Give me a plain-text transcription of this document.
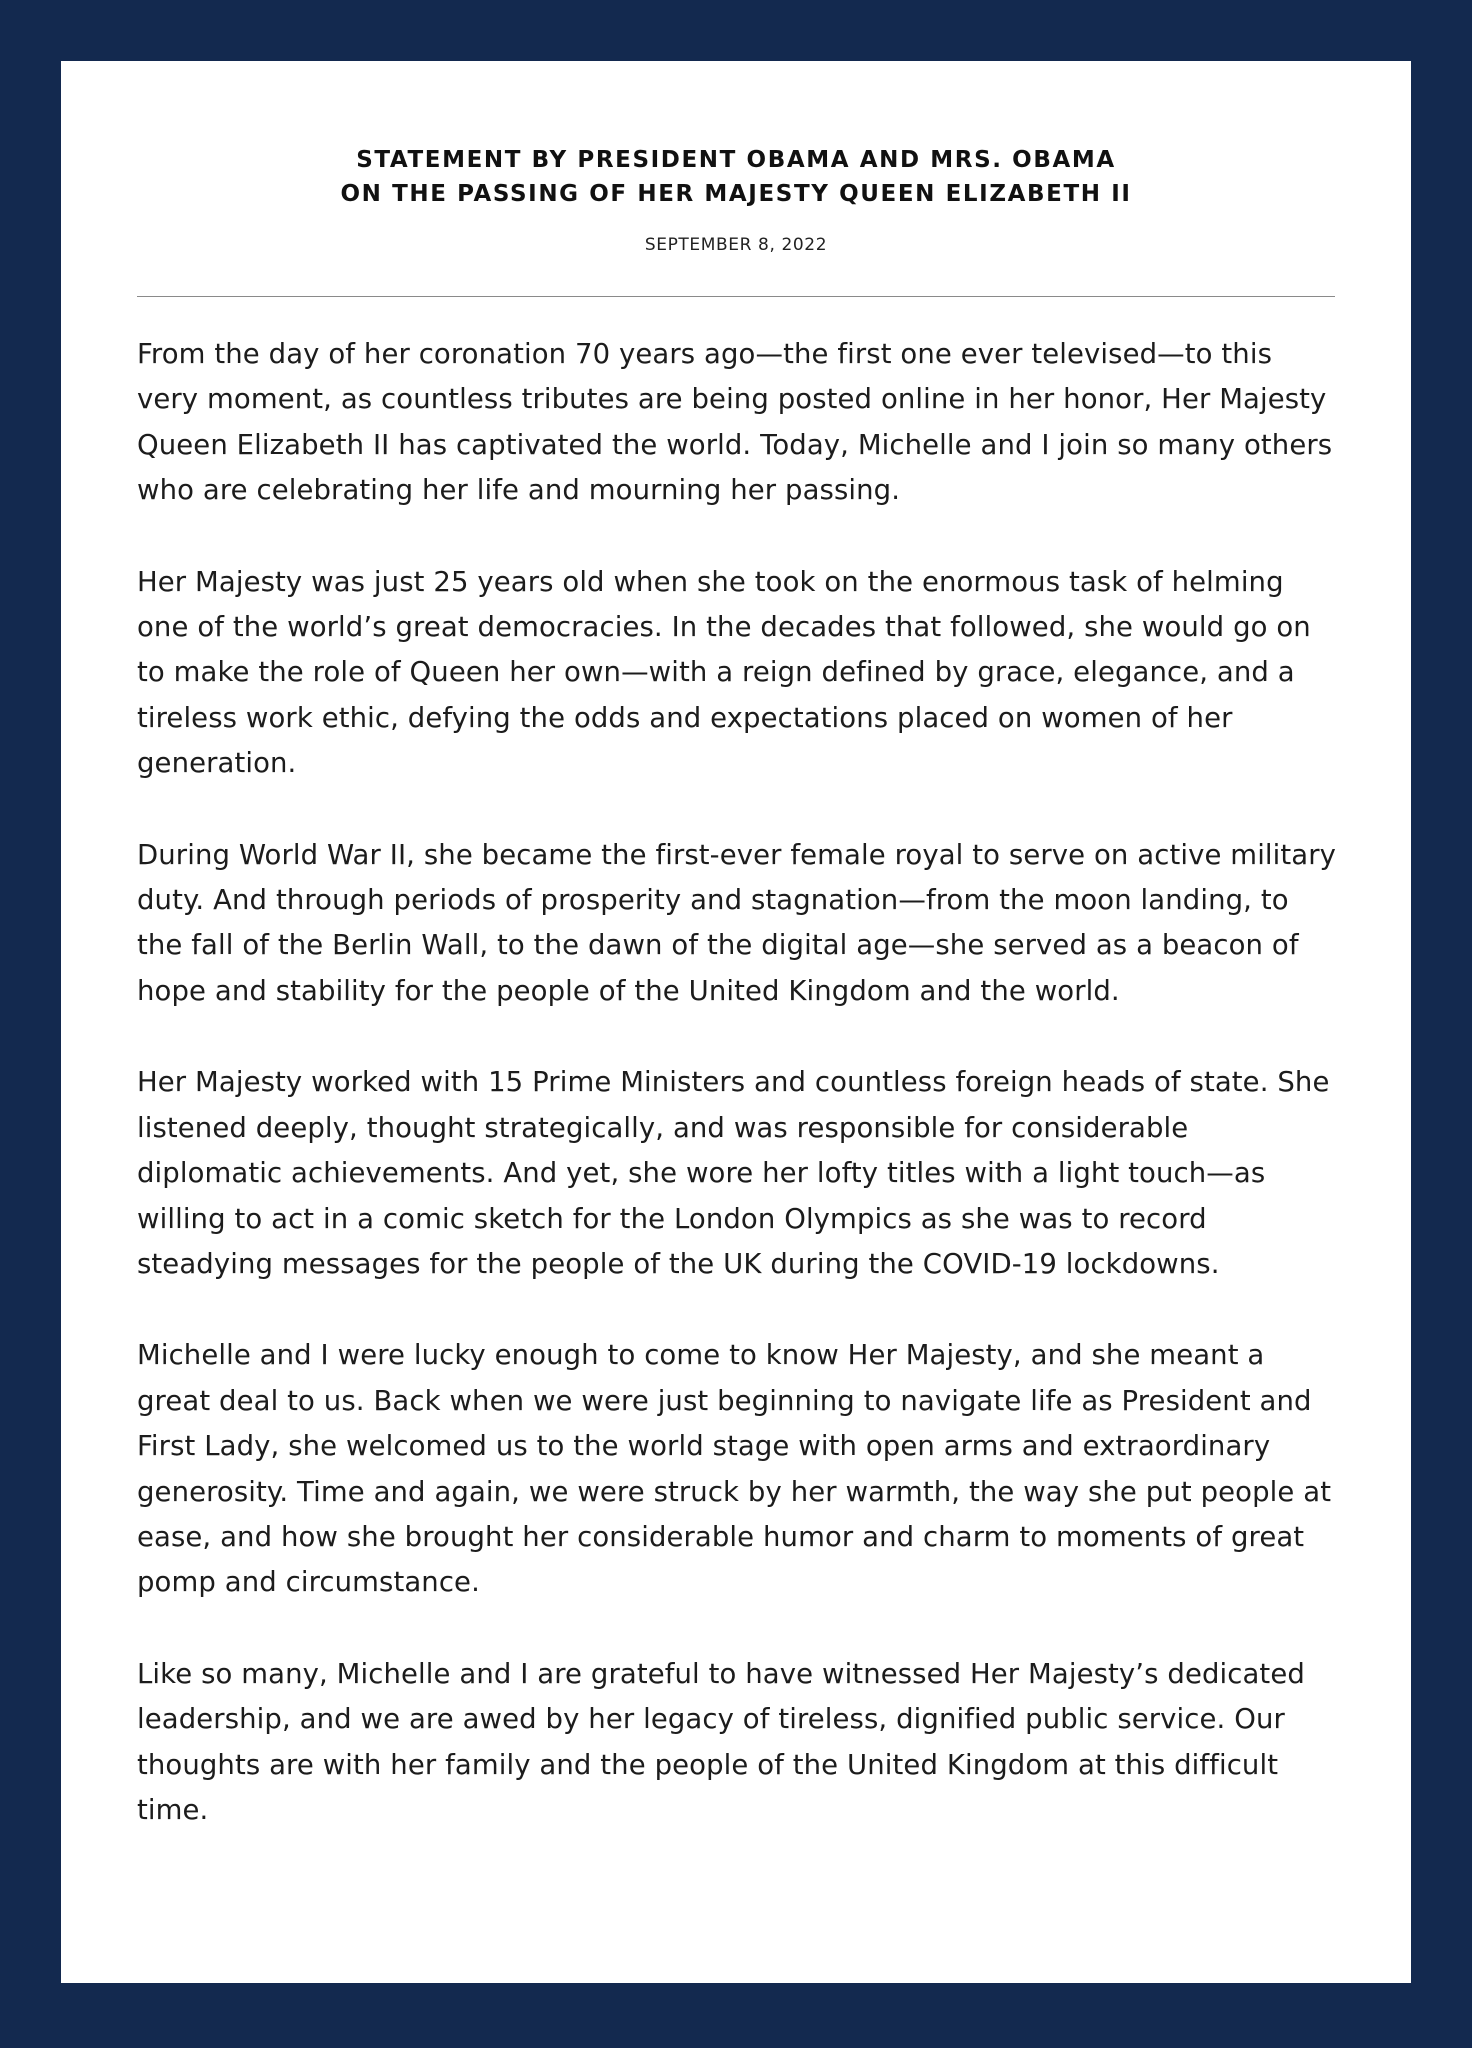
STATEMENT BY PRESIDENT OBAMA AND MRS. OBAMA
ON THE PASSING OF HER MAJESTY QUEEN ELIZABETH II
SEPTEMBER 8, 2022

From the day of her coronation 70 years ago—the first one ever televised—to this very moment, as countless tributes are being posted online in her honor, Her Majesty Queen Elizabeth II has captivated the world. Today, Michelle and I join so many others who are celebrating her life and mourning her passing.

Her Majesty was just 25 years old when she took on the enormous task of helming one of the world’s great democracies. In the decades that followed, she would go on to make the role of Queen her own—with a reign defined by grace, elegance, and a tireless work ethic, defying the odds and expectations placed on women of her generation.

During World War II, she became the first-ever female royal to serve on active military duty. And through periods of prosperity and stagnation—from the moon landing, to the fall of the Berlin Wall, to the dawn of the digital age—she served as a beacon of hope and stability for the people of the United Kingdom and the world.

Her Majesty worked with 15 Prime Ministers and countless foreign heads of state. She listened deeply, thought strategically, and was responsible for considerable diplomatic achievements. And yet, she wore her lofty titles with a light touch—as willing to act in a comic sketch for the London Olympics as she was to record steadying messages for the people of the UK during the COVID-19 lockdowns.

Michelle and I were lucky enough to come to know Her Majesty, and she meant a great deal to us. Back when we were just beginning to navigate life as President and First Lady, she welcomed us to the world stage with open arms and extraordinary generosity. Time and again, we were struck by her warmth, the way she put people at ease, and how she brought her considerable humor and charm to moments of great pomp and circumstance.

Like so many, Michelle and I are grateful to have witnessed Her Majesty’s dedicated leadership, and we are awed by her legacy of tireless, dignified public service. Our thoughts are with her family and the people of the United Kingdom at this difficult time.
